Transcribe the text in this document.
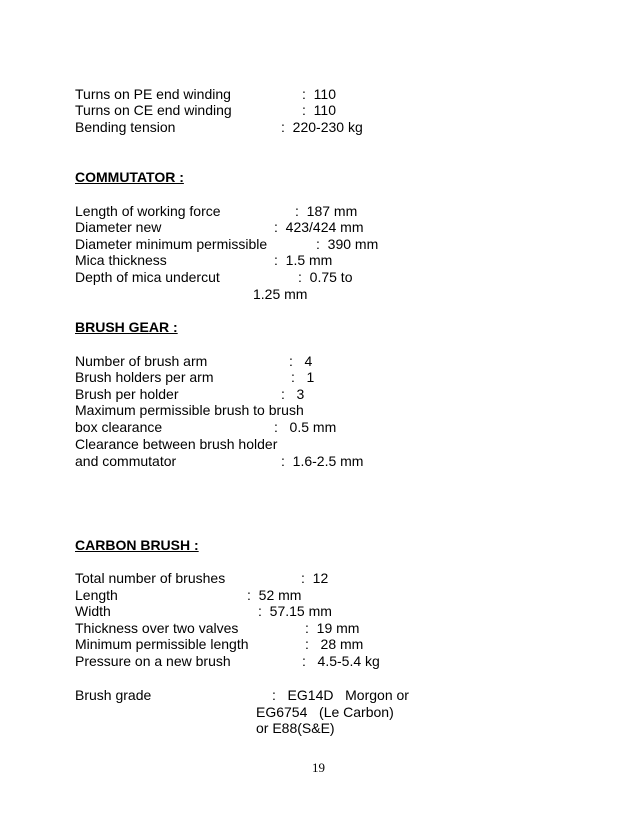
Turns on PE end winding	:  110
Turns on CE end winding	:  110
Bending tension	:  220-230 kg
COMMUTATOR :
Length of working force	:  187 mm
Diameter new	:  423/424 mm
Diameter minimum permissible	:  390 mm
Mica thickness	:  1.5 mm
Depth of mica undercut	:  0.75 to
1.25 mm
BRUSH GEAR :
Number of brush arm	:   4
Brush holders per arm	:   1
Brush per holder	:   3
Maximum permissible brush to brush
box clearance	:   0.5 mm
Clearance between brush holder
and commutator	:  1.6-2.5 mm
CARBON BRUSH :
Total number of brushes	:  12
Length	:  52 mm
Width	:  57.15 mm
Thickness over two valves	:  19 mm
Minimum permissible length	:   28 mm
Pressure on a new brush	:   4.5-5.4 kg
Brush grade	:   EG14D   Morgon or
EG6754   (Le Carbon)
or E88(S&E)
19
